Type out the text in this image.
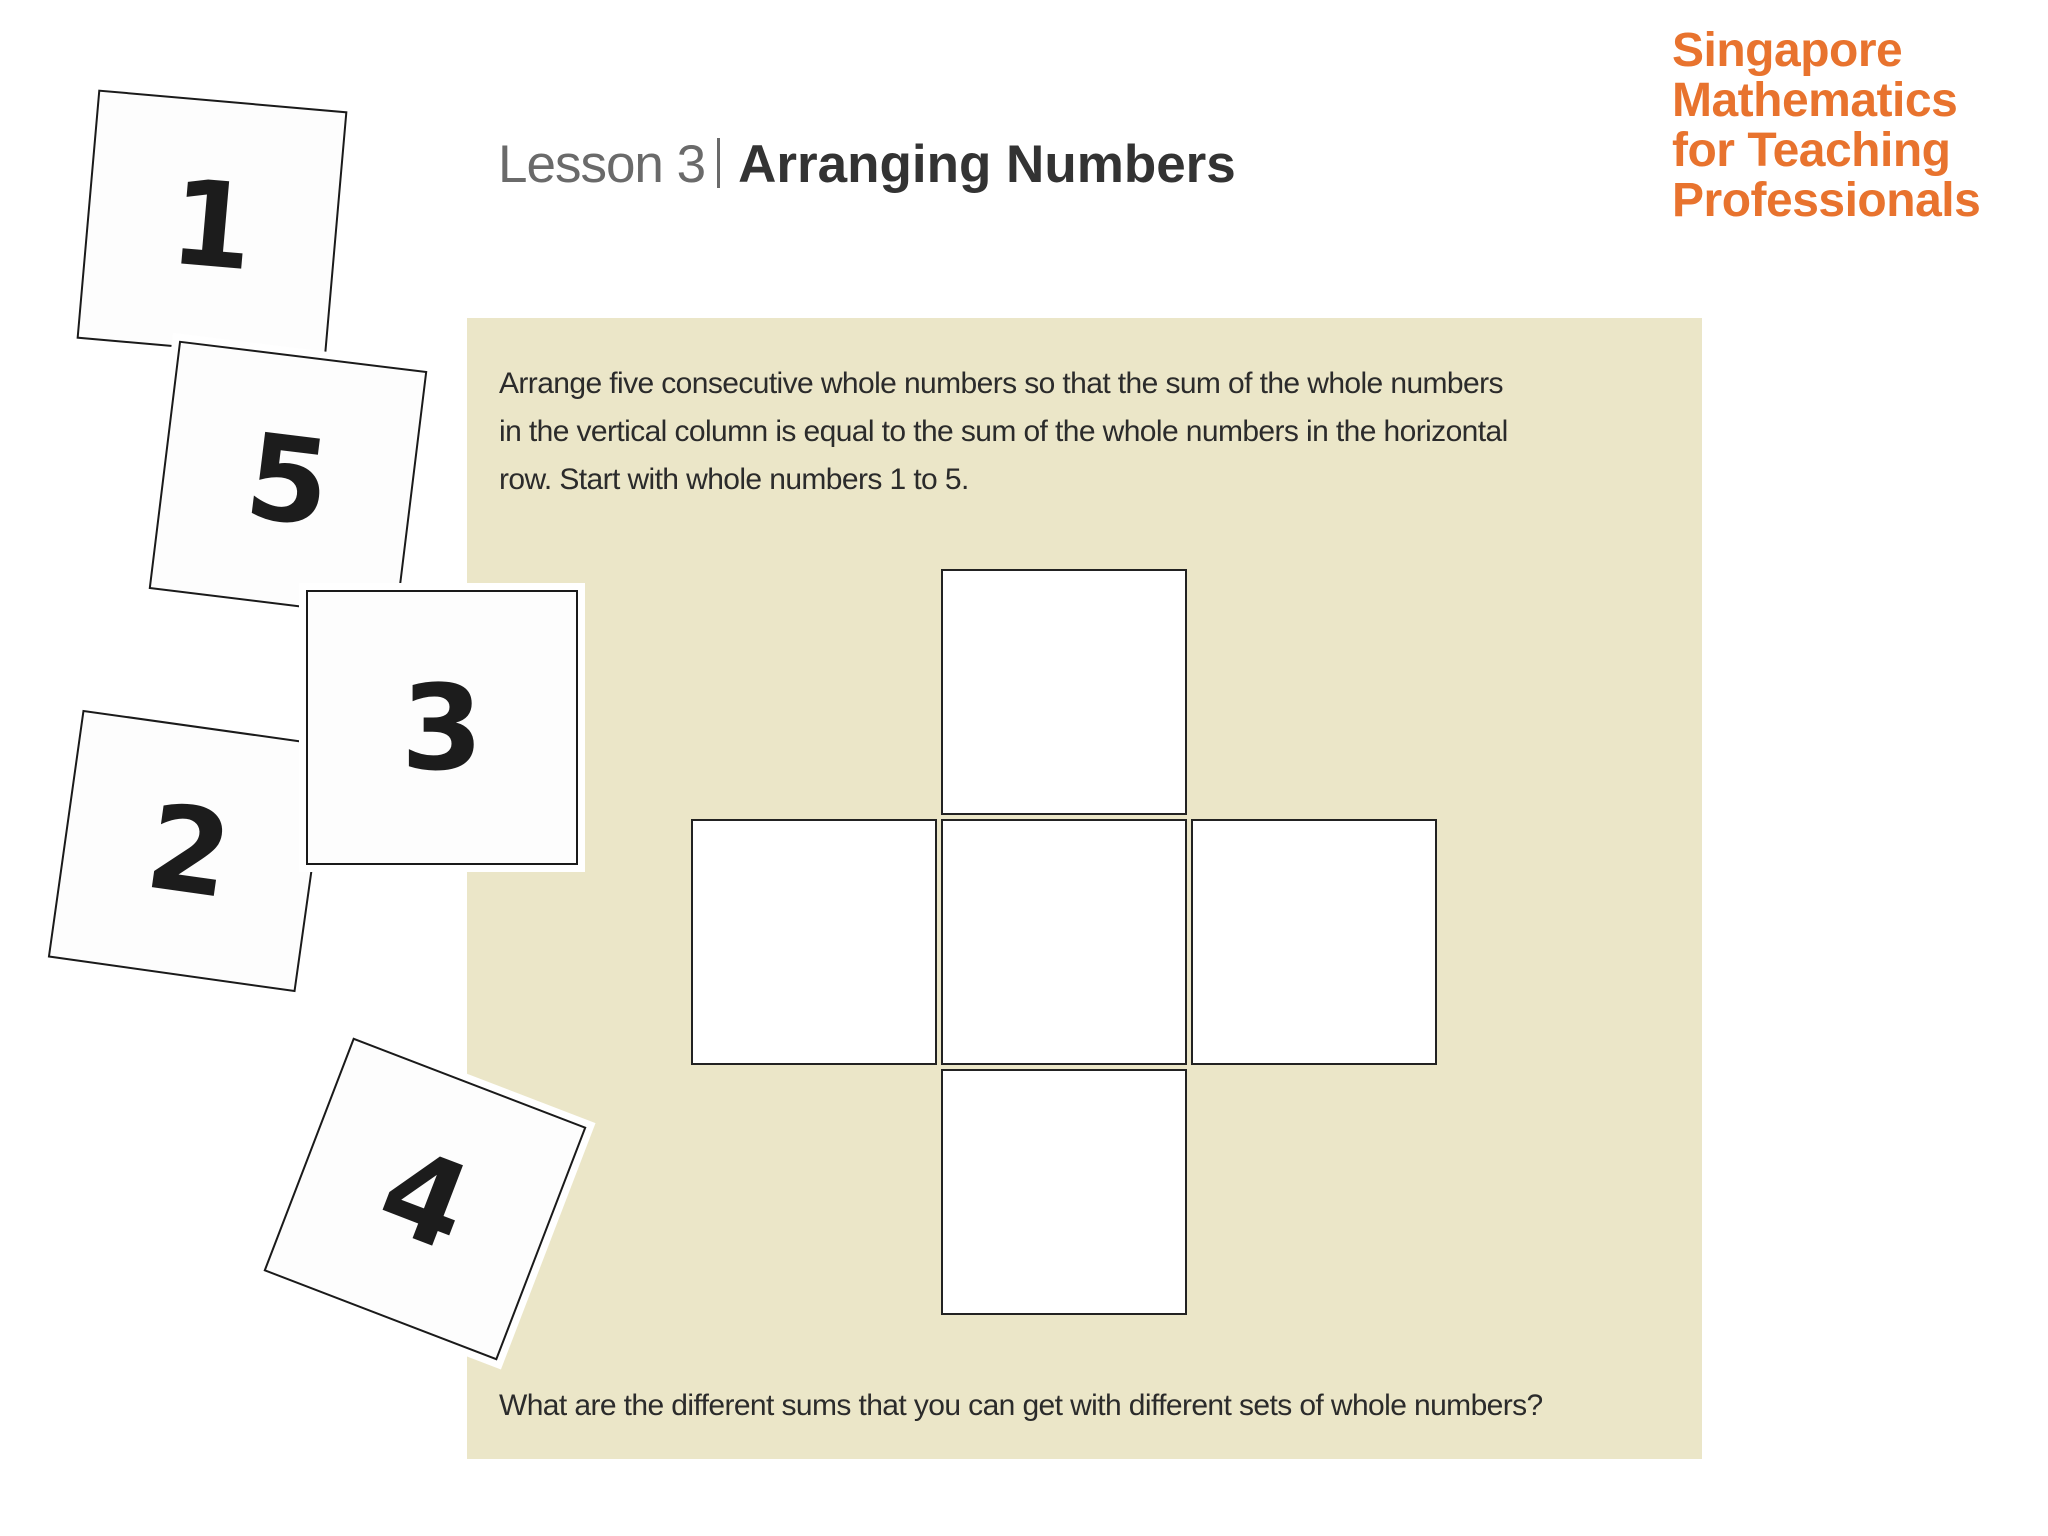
Lesson 3 Arranging Numbers
Singapore
Mathematics
for Teaching
Professionals
Arrange five consecutive whole numbers so that the sum of the whole numbers
in the vertical column is equal to the sum of the whole numbers in the horizontal
row. Start with whole numbers 1 to 5.
What are the different sums that you can get with different sets of whole numbers?
1
5
2
4
3
